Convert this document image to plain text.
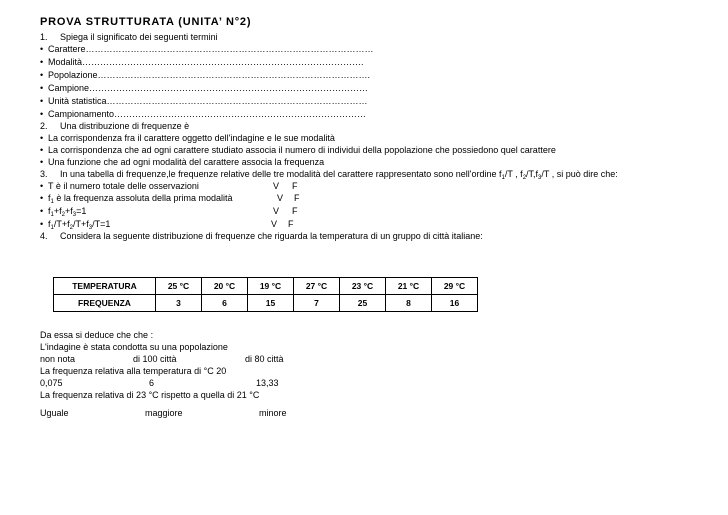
PROVA STRUTTURATA (UNITA’ N°2)
1. Spiega il significato dei seguenti termini
• Carattere……………………………………………………………………………………
• Modalità………………………………………………………………………………….
• Popolazione……………………………………………………………………………….
• Campione…………………………………………………………………………………
• Unità statistica……………………………………………………………………………
• Campionamento…………………………………………………………………………
2. Una distribuzione di frequenze è
• La corrispondenza fra il carattere oggetto dell'indagine e le sue modalità
• La corrispondenza che ad ogni carattere studiato associa il numero di individui della popolazione che possiedono quel carattere
• Una funzione che ad ogni modalità del carattere associa la frequenza
3. In una tabella di frequenze,le frequenze relative delle tre modalità del carattere rappresentato sono nell'ordine $f_1/T$ , $f_2/T,f_3/T$ , si può dire che:
• T è il numero totale delle osservazioni	V F
• $f_1$ è la frequenza assoluta della prima modalità	V F
• $f_1+f_2+f_3=1$	V F
• $f_1/T+f_2/T+f_3/T=1$	V F
4. Considera la seguente distribuzione di frequenze che riguarda la temperatura di un gruppo di città italiane:
TEMPERATURA	25 °C	20 °C	19 °C	27 °C	23 °C	21 °C	29 °C
FREQUENZA	3	6	15	7	25	8	16
Da essa si deduce che che :
L'indagine è stata condotta su una popolazione
non nota	di 100 città	di 80 città
La frequenza relativa alla temperatura di °C 20
0,075	6	13,33
La frequenza relativa di 23 °C rispetto a quella di 21 °C
Uguale	maggiore	minore
